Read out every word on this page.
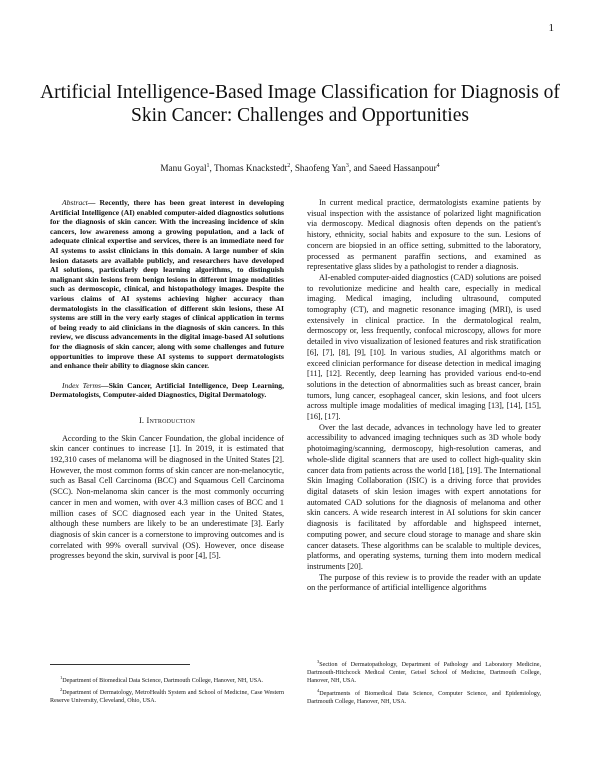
1
Artificial Intelligence-Based Image Classification for Diagnosis of Skin Cancer: Challenges and Opportunities
Manu Goyal$^1$, Thomas Knackstedt$^2$, Shaofeng Yan$^3$, and Saeed Hassanpour$^4$

Abstract— Recently, there has been great interest in developing Artificial Intelligence (AI) enabled computer-aided diagnostics solutions for the diagnosis of skin cancer. With the increasing incidence of skin cancers, low awareness among a growing population, and a lack of adequate clinical expertise and services, there is an immediate need for AI systems to assist clinicians in this domain. A large number of skin lesion datasets are available publicly, and researchers have developed AI solutions, particularly deep learning algorithms, to distinguish malignant skin lesions from benign lesions in different image modalities such as dermoscopic, clinical, and histopathology images. Despite the various claims of AI systems achieving higher accuracy than dermatologists in the classification of different skin lesions, these AI systems are still in the very early stages of clinical application in terms of being ready to aid clinicians in the diagnosis of skin cancers. In this review, we discuss advancements in the digital image-based AI solutions for the diagnosis of skin cancer, along with some challenges and future opportunities to improve these AI systems to support dermatologists and enhance their ability to diagnose skin cancer.

Index Terms—Skin Cancer, Artificial Intelligence, Deep Learning, Dermatologists, Computer-aided Diagnostics, Digital Dermatology.

I. Introduction

According to the Skin Cancer Foundation, the global incidence of skin cancer continues to increase [1]. In 2019, it is estimated that 192,310 cases of melanoma will be diagnosed in the United States [2]. However, the most common forms of skin cancer are non-melanocytic, such as Basal Cell Carcinoma (BCC) and Squamous Cell Carcinoma (SCC). Non-melanoma skin cancer is the most commonly occurring cancer in men and women, with over 4.3 million cases of BCC and 1 million cases of SCC diagnosed each year in the United States, although these numbers are likely to be an underestimate [3]. Early diagnosis of skin cancer is a cornerstone to improving outcomes and is correlated with 99% overall survival (OS). However, once disease progresses beyond the skin, survival is poor [4], [5].

In current medical practice, dermatologists examine patients by visual inspection with the assistance of polarized light magnification via dermoscopy. Medical diagnosis often depends on the patient's history, ethnicity, social habits and exposure to the sun. Lesions of concern are biopsied in an office setting, submitted to the laboratory, processed as permanent paraffin sections, and examined as representative glass slides by a pathologist to render a diagnosis.

AI-enabled computer-aided diagnostics (CAD) solutions are poised to revolutionize medicine and health care, especially in medical imaging. Medical imaging, including ultrasound, computed tomography (CT), and magnetic resonance imaging (MRI), is used extensively in clinical practice. In the dermatological realm, dermoscopy or, less frequently, confocal microscopy, allows for more detailed in vivo visualization of lesioned features and risk stratification [6], [7], [8], [9], [10]. In various studies, AI algorithms match or exceed clinician performance for disease detection in medical imaging [11], [12]. Recently, deep learning has provided various end-to-end solutions in the detection of abnormalities such as breast cancer, brain tumors, lung cancer, esophageal cancer, skin lesions, and foot ulcers across multiple image modalities of medical imaging [13], [14], [15], [16], [17].

Over the last decade, advances in technology have led to greater accessibility to advanced imaging techniques such as 3D whole body photoimaging/scanning, dermoscopy, high-resolution cameras, and whole-slide digital scanners that are used to collect high-quality skin cancer data from patients across the world [18], [19]. The International Skin Imaging Collaboration (ISIC) is a driving force that provides digital datasets of skin lesion images with expert annotations for automated CAD solutions for the diagnosis of melanoma and other skin cancers. A wide research interest in AI solutions for skin cancer diagnosis is facilitated by affordable and highspeed internet, computing power, and secure cloud storage to manage and share skin cancer datasets. These algorithms can be scalable to multiple devices, platforms, and operating systems, turning them into modern medical instruments [20].

The purpose of this review is to provide the reader with an update on the performance of artificial intelligence algorithms

$^1$Department of Biomedical Data Science, Dartmouth College, Hanover, NH, USA.

$^2$Department of Dermatology, MetroHealth System and School of Medicine, Case Western Reserve University, Cleveland, Ohio, USA.

$^3$Section of Dermatopathology, Department of Pathology and Laboratory Medicine, Dartmouth-Hitchcock Medical Center, Geisel School of Medicine, Dartmouth College, Hanover, NH, USA.

$^4$Departments of Biomedical Data Science, Computer Science, and Epidemiology, Dartmouth College, Hanover, NH, USA.
